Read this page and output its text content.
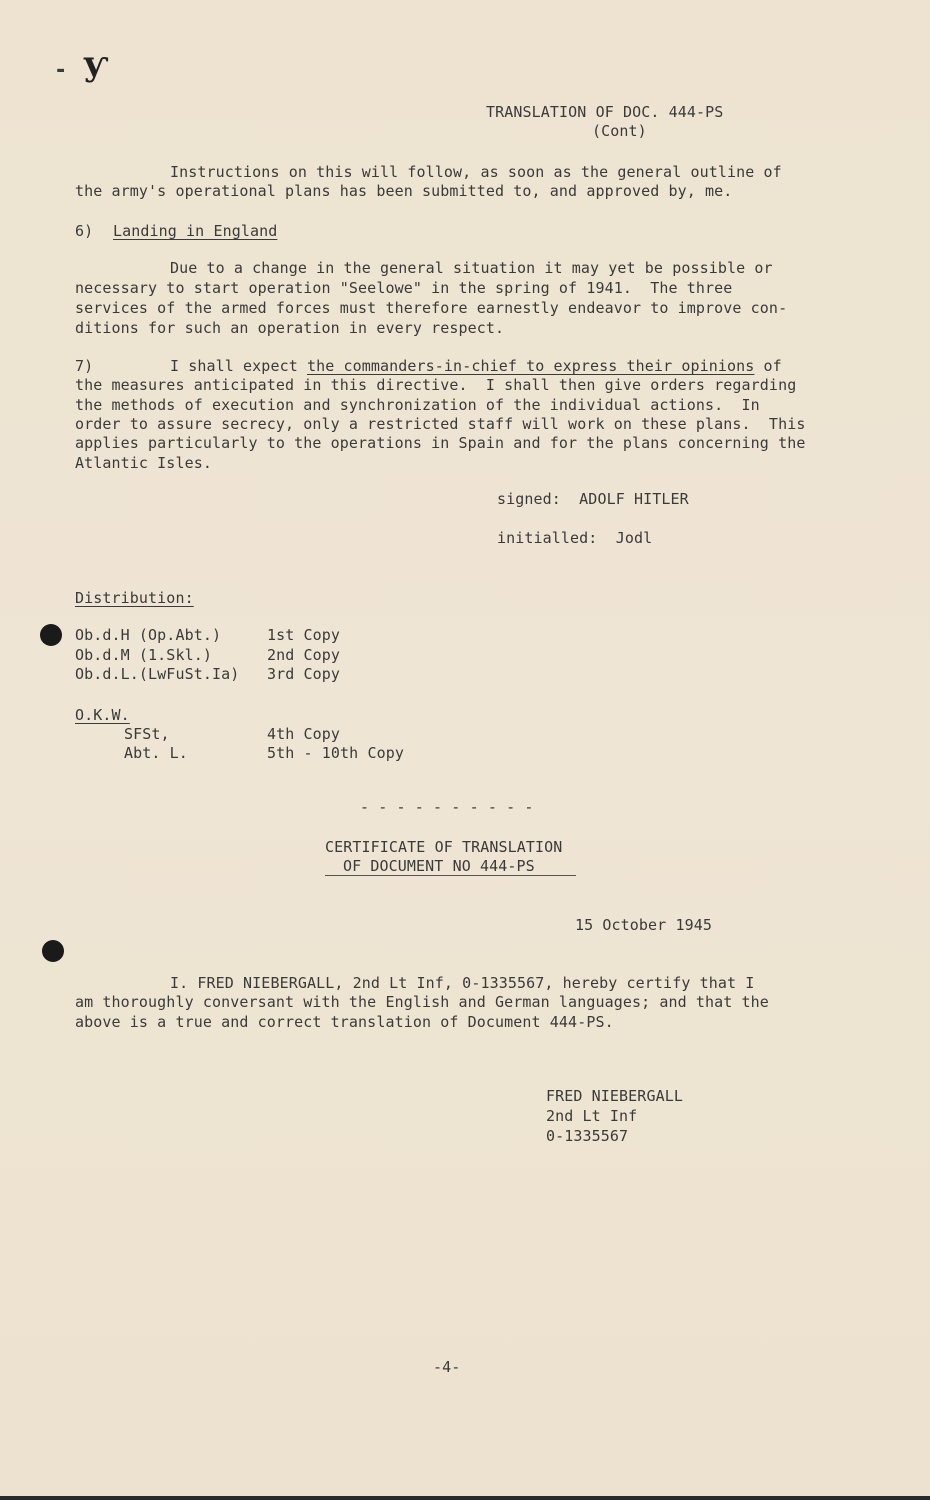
- ƴ
TRANSLATION OF DOC. 444-PS
(Cont)
Instructions on this will follow, as soon as the general outline of
the army's operational plans has been submitted to, and approved by, me.
6) Landing in England
Due to a change in the general situation it may yet be possible or
necessary to start operation "Seelowe" in the spring of 1941.  The three
services of the armed forces must therefore earnestly endeavor to improve con-
ditions for such an operation in every respect.
7)	I shall expect the commanders-in-chief to express their opinions of
the measures anticipated in this directive.  I shall then give orders regarding
the methods of execution and synchronization of the individual actions.  In
order to assure secrecy, only a restricted staff will work on these plans.  This
applies particularly to the operations in Spain and for the plans concerning the
Atlantic Isles.
signed:  ADOLF HITLER
initialled:  Jodl
Distribution:
Ob.d.H (Op.Abt.)	1st Copy
Ob.d.M (1.Skl.)	2nd Copy
Ob.d.L.(LwFuSt.Ia) 3rd Copy
O.K.W.
SFSt,	4th Copy
Abt. L.	5th - 10th Copy
- - - - - - - - - -
CERTIFICATE OF TRANSLATION
OF DOCUMENT NO 444-PS
15 October 1945
I. FRED NIEBERGALL, 2nd Lt Inf, 0-1335567, hereby certify that I
am thoroughly conversant with the English and German languages; and that the
above is a true and correct translation of Document 444-PS.
FRED NIEBERGALL
2nd Lt Inf
0-1335567
-4-
